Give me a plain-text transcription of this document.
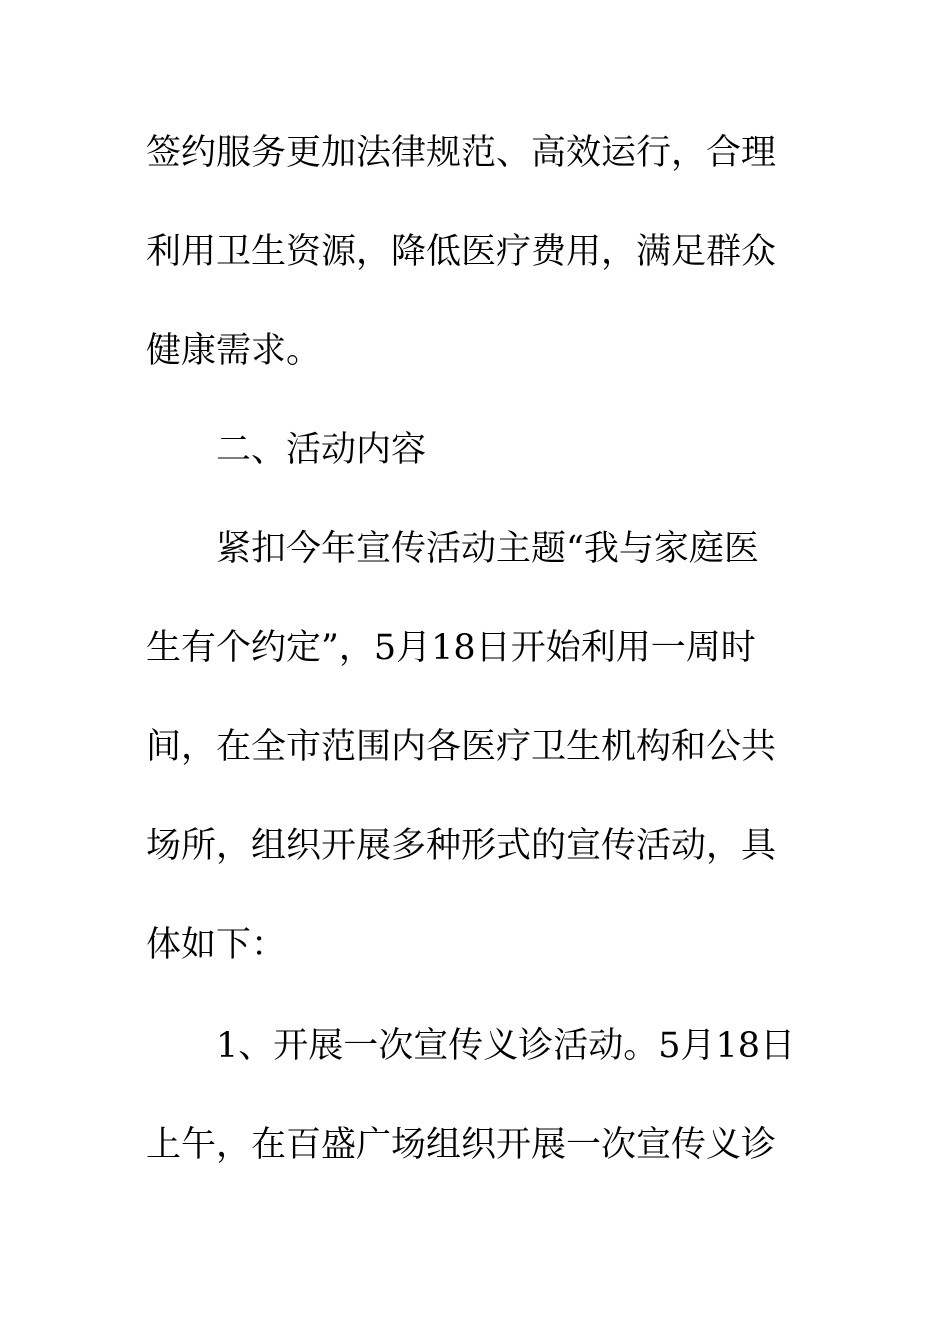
签约服务更加法律规范、高效运行，合理
利用卫生资源，降低医疗费用，满足群众
健康需求。
二、活动内容
紧扣今年宣传活动主题“我与家庭医
生有个约定”，5月18日开始利用一周时
间，在全市范围内各医疗卫生机构和公共
场所，组织开展多种形式的宣传活动，具
体如下：
1、开展一次宣传义诊活动。5月18日
上午，在百盛广场组织开展一次宣传义诊
